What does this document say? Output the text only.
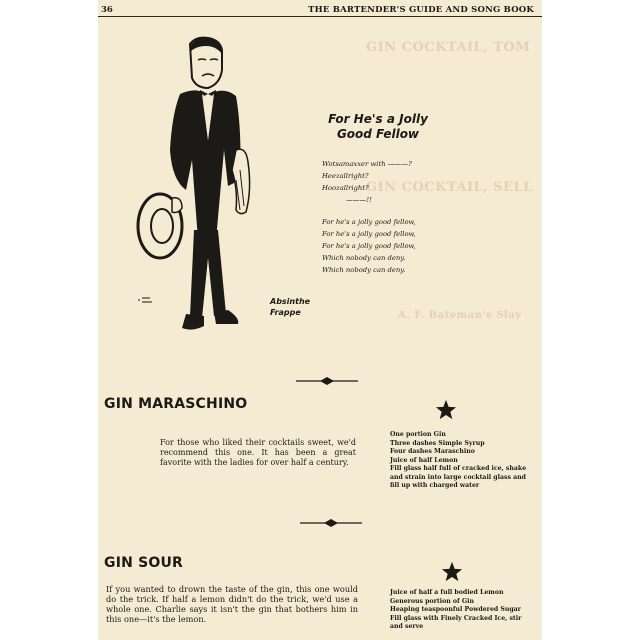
GIN COCKTAIL, TOM
GIN COCKTAIL, SELL
A. F. Bateman's Slay
36	THE BARTENDER'S GUIDE AND SONG BOOK
For He's a Jolly
Good Fellow
Wotsamaxxer with ———?
Heezallright?
Hoozallright?
———!!
For he's a jolly good fellow,
For he's a jolly good fellow,
For he's a jolly good fellow,
Which nobody can deny.
Which nobody can deny.
Absinthe
Frappe
GIN MARASCHINO
For those who liked their cocktails sweet, we'd recommend this one. It has been a great favorite with the ladies for over half a century.
One portion Gin
Three dashes Simple Syrup
Four dashes Maraschino
Juice of half Lemon
Fill glass half full of cracked ice, shake and strain into large cocktail glass and fill up with charged water
GIN SOUR
If you wanted to drown the taste of the gin, this one would do the trick. If half a lemon didn't do the trick, we'd use a whole one. Charlie says it isn't the gin that bothers him in this one—it's the lemon.
Juice of half a full bodied Lemon
Generous portion of Gin
Heaping teaspoonful Powdered Sugar
Fill glass with Finely Cracked Ice, stir and serve
